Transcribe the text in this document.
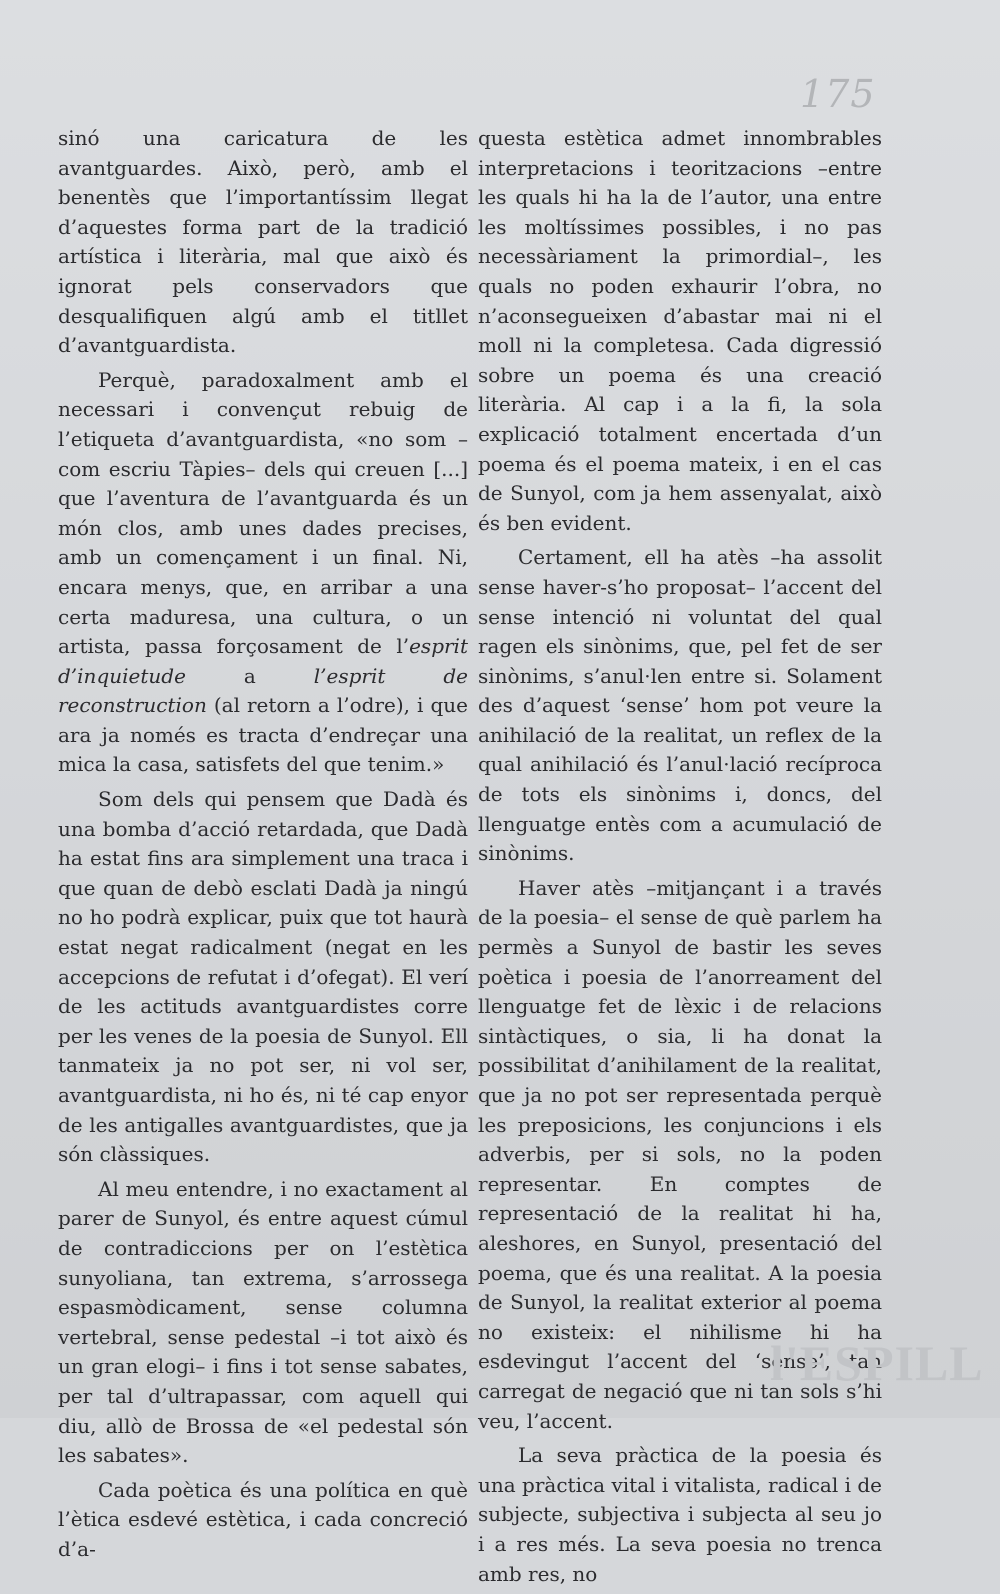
175

sinó una caricatura de les avantguardes. Això, però, amb el benentès que l’importantíssim llegat d’aquestes forma part de la tradició artística i literària, mal que això és ignorat pels conservadors que desqualifiquen algú amb el titllet d’avantguardista.

Perquè, paradoxalment amb el necessari i convençut rebuig de l’etiqueta d’avantguardista, «no som –com escriu Tàpies– dels qui creuen [...] que l’aventura de l’avantguarda és un món clos, amb unes dades precises, amb un començament i un final. Ni, encara menys, que, en arribar a una certa maduresa, una cultura, o un artista, passa forçosament de l’esprit d’inquietude a l’esprit de reconstruction (al retorn a l’odre), i que ara ja només es tracta d’endreçar una mica la casa, satisfets del que tenim.»

Som dels qui pensem que Dadà és una bomba d’acció retardada, que Dadà ha estat fins ara simplement una traca i que quan de debò esclati Dadà ja ningú no ho podrà explicar, puix que tot haurà estat negat radicalment (negat en les accepcions de refutat i d’ofegat). El verí de les actituds avantguardistes corre per les venes de la poesia de Sunyol. Ell tanmateix ja no pot ser, ni vol ser, avantguardista, ni ho és, ni té cap enyor de les antigalles avantguardistes, que ja són clàssiques.

Al meu entendre, i no exactament al parer de Sunyol, és entre aquest cúmul de contradiccions per on l’estètica sunyoliana, tan extrema, s’arrossega espasmòdicament, sense columna vertebral, sense pedestal –i tot això és un gran elogi– i fins i tot sense sabates, per tal d’ultrapassar, com aquell qui diu, allò de Brossa de «el pedestal són les sabates».

Cada poètica és una política en què l’ètica esdevé estètica, i cada concreció d’a-

questa estètica admet innombrables interpretacions i teoritzacions –entre les quals hi ha la de l’autor, una entre les moltíssimes possibles, i no pas necessàriament la primordial–, les quals no poden exhaurir l’obra, no n’aconsegueixen d’abastar mai ni el moll ni la completesa. Cada digressió sobre un poema és una creació literària. Al cap i a la fi, la sola explicació totalment encertada d’un poema és el poema mateix, i en el cas de Sunyol, com ja hem assenyalat, això és ben evident.

Certament, ell ha atès –ha assolit sense haver-s’ho proposat– l’accent del sense intenció ni voluntat del qual ragen els sinònims, que, pel fet de ser sinònims, s’anul·len entre si. Solament des d’aquest ‘sense’ hom pot veure la anihilació de la realitat, un reflex de la qual anihilació és l’anul·lació recíproca de tots els sinònims i, doncs, del llenguatge entès com a acumulació de sinònims.

Haver atès –mitjançant i a través de la poesia– el sense de què parlem ha permès a Sunyol de bastir les seves poètica i poesia de l’anorreament del llenguatge fet de lèxic i de relacions sintàctiques, o sia, li ha donat la possibilitat d’anihilament de la realitat, que ja no pot ser representada perquè les preposicions, les conjuncions i els adverbis, per si sols, no la poden representar. En comptes de representació de la realitat hi ha, aleshores, en Sunyol, presentació del poema, que és una realitat. A la poesia de Sunyol, la realitat exterior al poema no existeix: el nihilisme hi ha esdevingut l’accent del ‘sense’, tan carregat de negació que ni tan sols s’hi veu, l’accent.

La seva pràctica de la poesia és una pràctica vital i vitalista, radical i de subjecte, subjectiva i subjecta al seu jo i a res més. La seva poesia no trenca amb res, no

l'ESPILL
